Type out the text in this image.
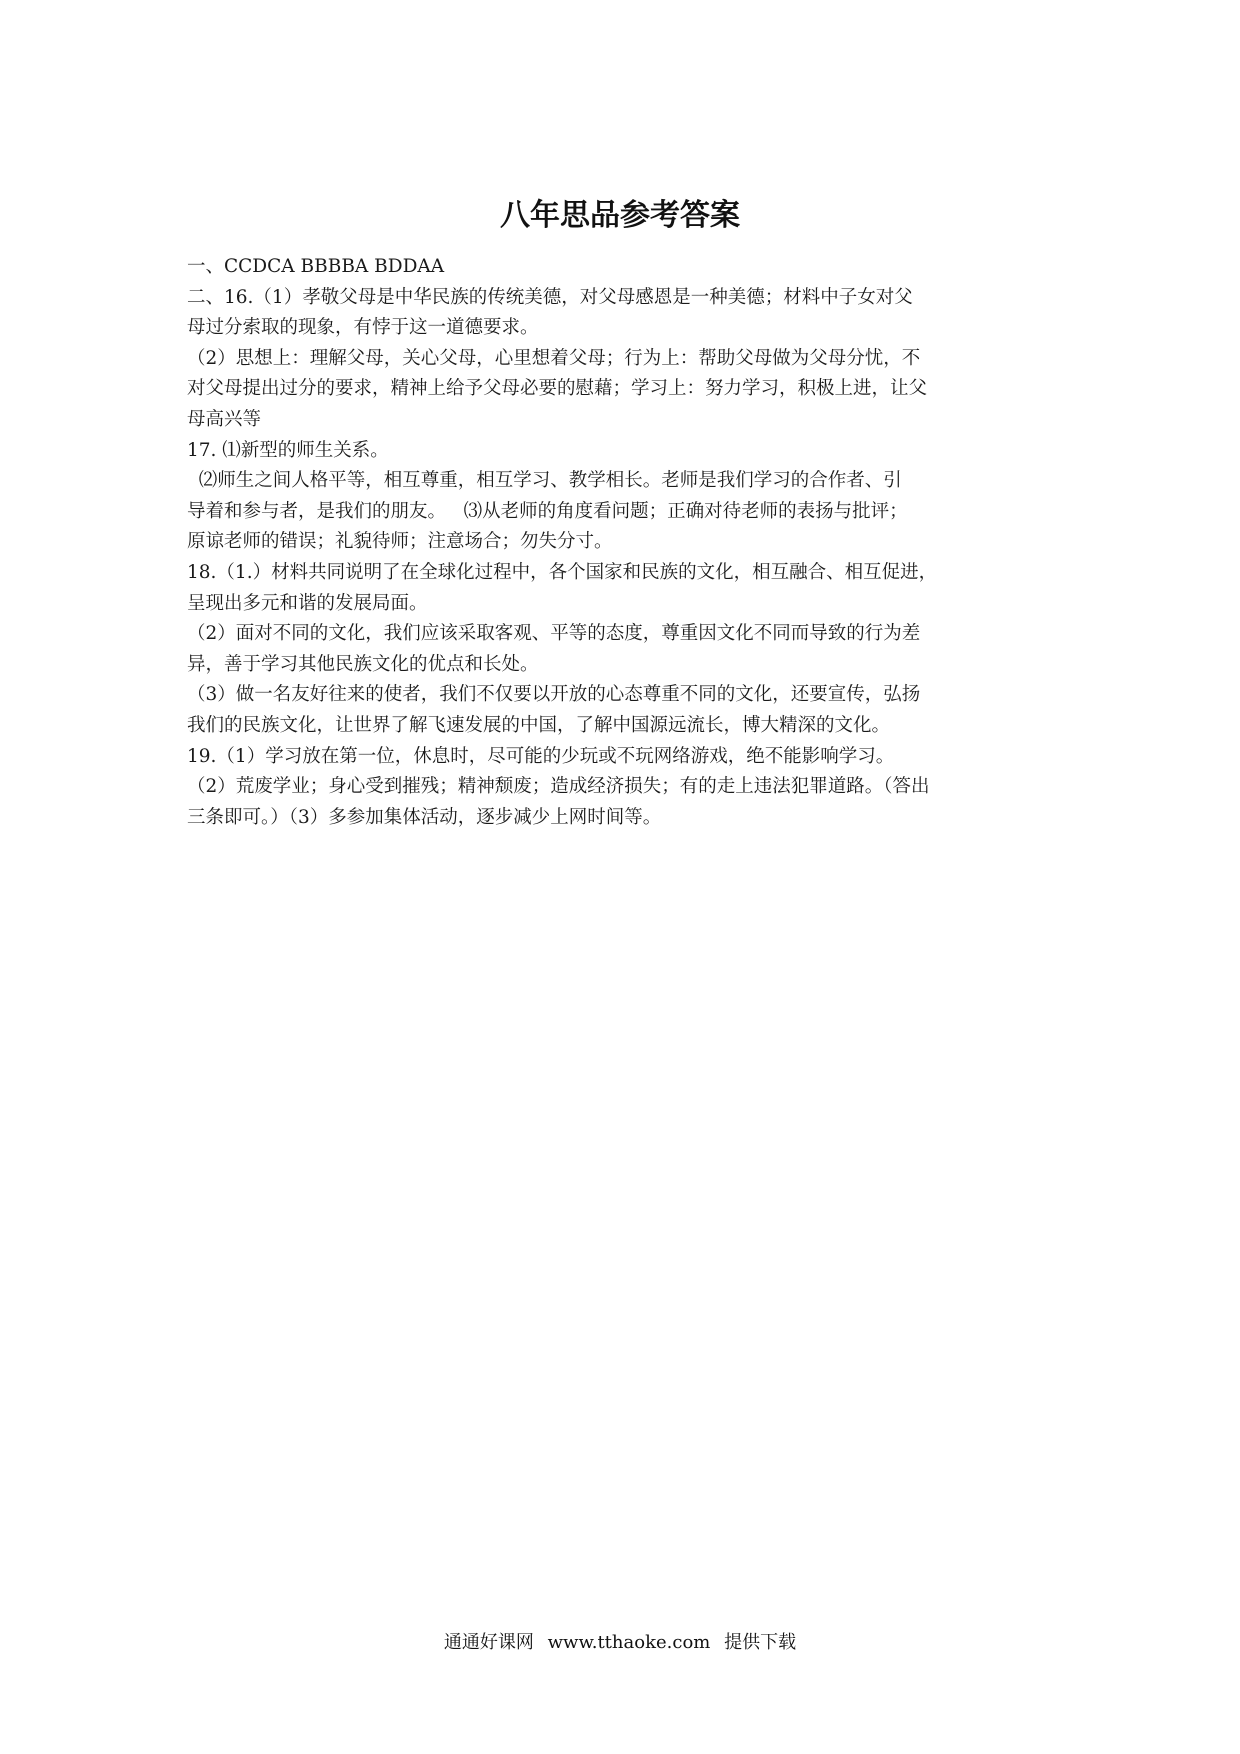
八年思品参考答案
一、CCDCA BBBBA BDDAA
二、16.（1）孝敬父母是中华民族的传统美德，对父母感恩是一种美德；材料中子女对父
母过分索取的现象，有悖于这一道德要求。
（2）思想上：理解父母，关心父母，心里想着父母；行为上：帮助父母做为父母分忧，不
对父母提出过分的要求，精神上给予父母必要的慰藉；学习上：努力学习，积极上进，让父
母高兴等
17. ⑴新型的师生关系。
⑵师生之间人格平等，相互尊重，相互学习、教学相长。老师是我们学习的合作者、引
导着和参与者，是我们的朋友。   ⑶从老师的角度看问题；正确对待老师的表扬与批评；
原谅老师的错误；礼貌待师；注意场合；勿失分寸。
18.（1.）材料共同说明了在全球化过程中，各个国家和民族的文化，相互融合、相互促进，
呈现出多元和谐的发展局面。
（2）面对不同的文化，我们应该采取客观、平等的态度，尊重因文化不同而导致的行为差
异，善于学习其他民族文化的优点和长处。
（3）做一名友好往来的使者，我们不仅要以开放的心态尊重不同的文化，还要宣传，弘扬
我们的民族文化，让世界了解飞速发展的中国，了解中国源远流长，博大精深的文化。
19.（1）学习放在第一位，休息时，尽可能的少玩或不玩网络游戏，绝不能影响学习。
（2）荒废学业；身心受到摧残；精神颓废；造成经济损失；有的走上违法犯罪道路。（答出
三条即可。）（3）多参加集体活动，逐步减少上网时间等。
通通好课网 www.tthaoke.com 提供下载
